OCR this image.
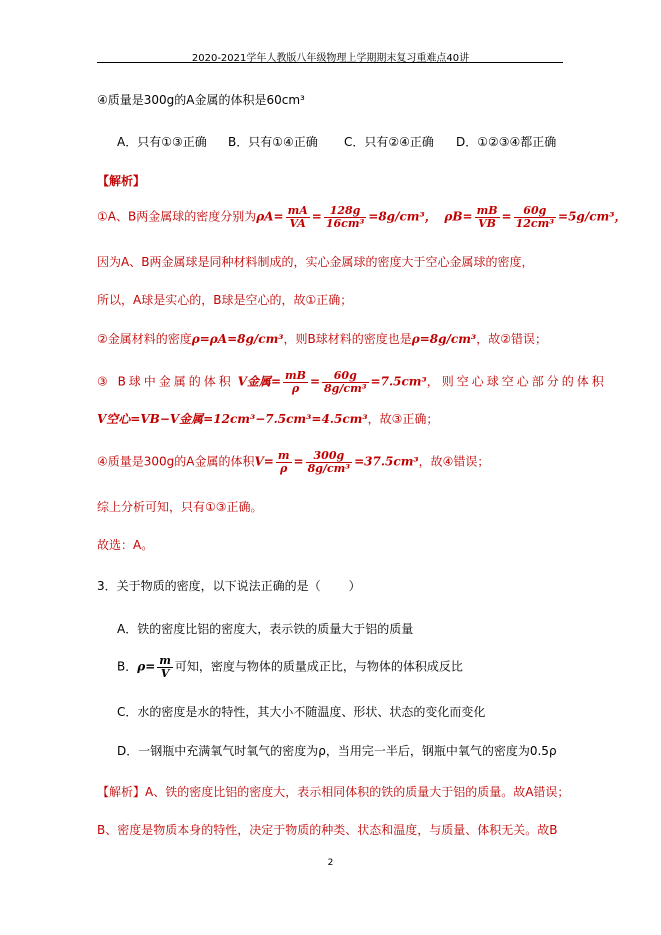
2020-2021学年人教版八年级物理上学期期末复习重难点40讲
④质量是300g的A金属的体积是60cm³
A．只有①③正确 B．只有①④正确 C．只有②④正确 D．①②③④都正确
【解析】
①A、B两金属球的密度分别为$\rho A= \frac{mA}{VA} = \frac{128g}{\text{16cm³}} =8g/cm^3$， $\rho B= \frac{mB}{VB} = \frac{60g}{\text{12cm³}} =5g/cm^3$，
因为A、B两金属球是同种材料制成的，实心金属球的密度大于空心金属球的密度，
所以，A球是实心的，B球是空心的，故①正确；
②金属材料的密度ρ=ρA=8g/cm³，则B球材料的密度也是ρ=8g/cm³，故②错误；
③ B球中金属的体积 V金属= $\frac{mB}{\rho} = \frac{60g}{\text{8g/cm³}} =7.5cm^3$，则空心球空心部分的体积
V空心=VB−V金属=12cm³−7.5cm³=4.5cm³，故③正确；
④质量是300g的A金属的体积$V= \frac{m}{\rho} = \frac{300g}{\text{8g/cm³}} =37.5cm^3$，故④错误；
综上分析可知，只有①③正确。
故选：A。
3．关于物质的密度，以下说法正确的是（ ）
A．铁的密度比铝的密度大，表示铁的质量大于铝的质量
B．$\rho= \frac{m}{V}$ 可知，密度与物体的质量成正比，与物体的体积成反比
C．水的密度是水的特性，其大小不随温度、形状、状态的变化而变化
D．一钢瓶中充满氧气时氧气的密度为ρ，当用完一半后，钢瓶中氧气的密度为0.5ρ
【解析】A、铁的密度比铝的密度大，表示相同体积的铁的质量大于铝的质量。故A错误；
B、密度是物质本身的特性，决定于物质的种类、状态和温度，与质量、体积无关。故B
2
